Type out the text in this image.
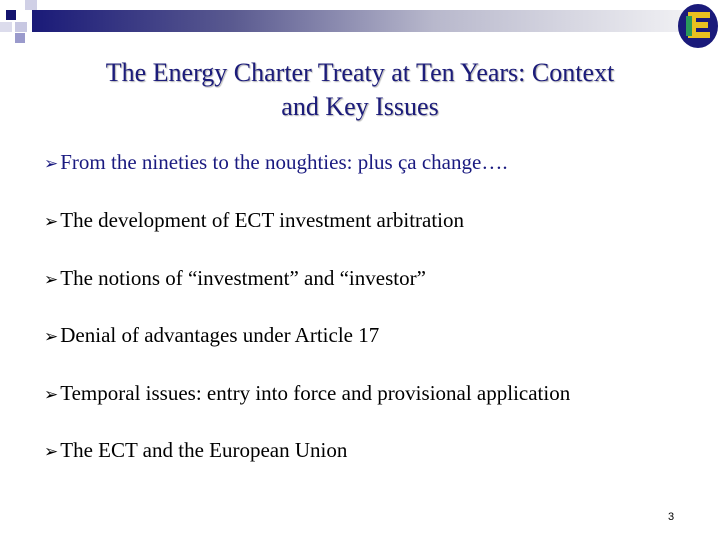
The Energy Charter Treaty at Ten Years: Context
and Key Issues
➢From the nineties to the noughties: plus ça change….
➢The development of ECT investment arbitration
➢The notions of “investment” and “investor”
➢Denial of advantages under Article 17
➢Temporal issues: entry into force and provisional application
➢The ECT and the European Union
3
